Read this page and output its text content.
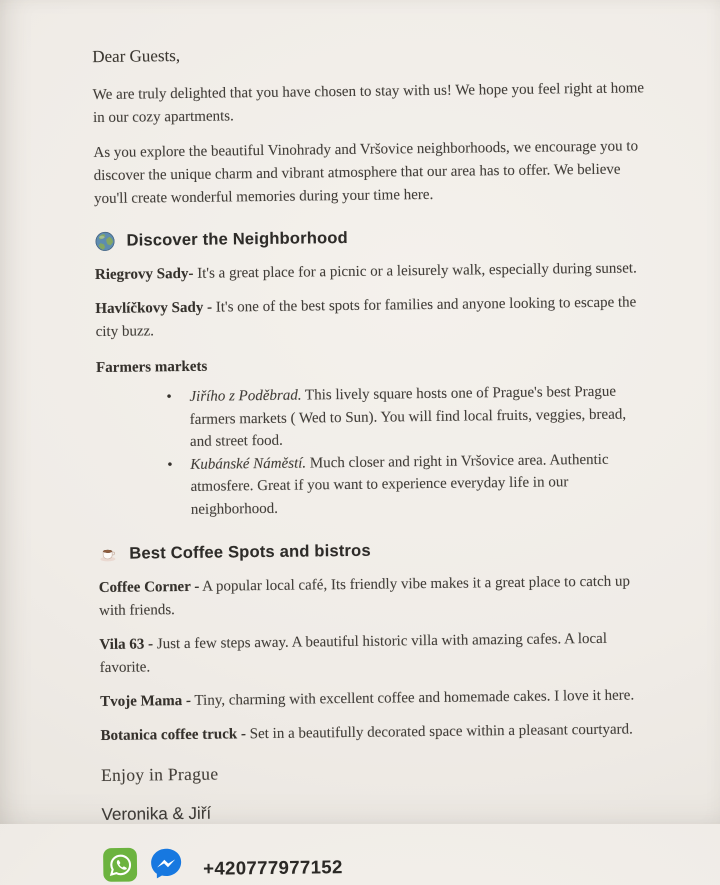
Dear Guests,

We are truly delighted that you have chosen to stay with us! We hope you feel right at home in our cozy apartments.

As you explore the beautiful Vinohrady and Vršovice neighborhoods, we encourage you to discover the unique charm and vibrant atmosphere that our area has to offer. We believe you'll create wonderful memories during your time here.

Discover the Neighborhood

Riegrovy Sady- It's a great place for a picnic or a leisurely walk, especially during sunset.

Havlíčkovy Sady - It's one of the best spots for families and anyone looking to escape the city buzz.

Farmers markets

• Jiřího z Poděbrad. This lively square hosts one of Prague's best Prague farmers markets ( Wed to Sun). You will find local fruits, veggies, bread, and street food.
• Kubánské Náměstí. Much closer and right in Vršovice area. Authentic atmosfere. Great if you want to experience everyday life in our neighborhood.
Best Coffee Spots and bistros

Coffee Corner - A popular local café, Its friendly vibe makes it a great place to catch up with friends.

Vila 63 - Just a few steps away. A beautiful historic villa with amazing cafes. A local favorite.

Tvoje Mama - Tiny, charming with excellent coffee and homemade cakes. I love it here.

Botanica coffee truck - Set in a beautifully decorated space within a pleasant courtyard.

Enjoy in Prague

Veronika & Jiří

+420777977152
